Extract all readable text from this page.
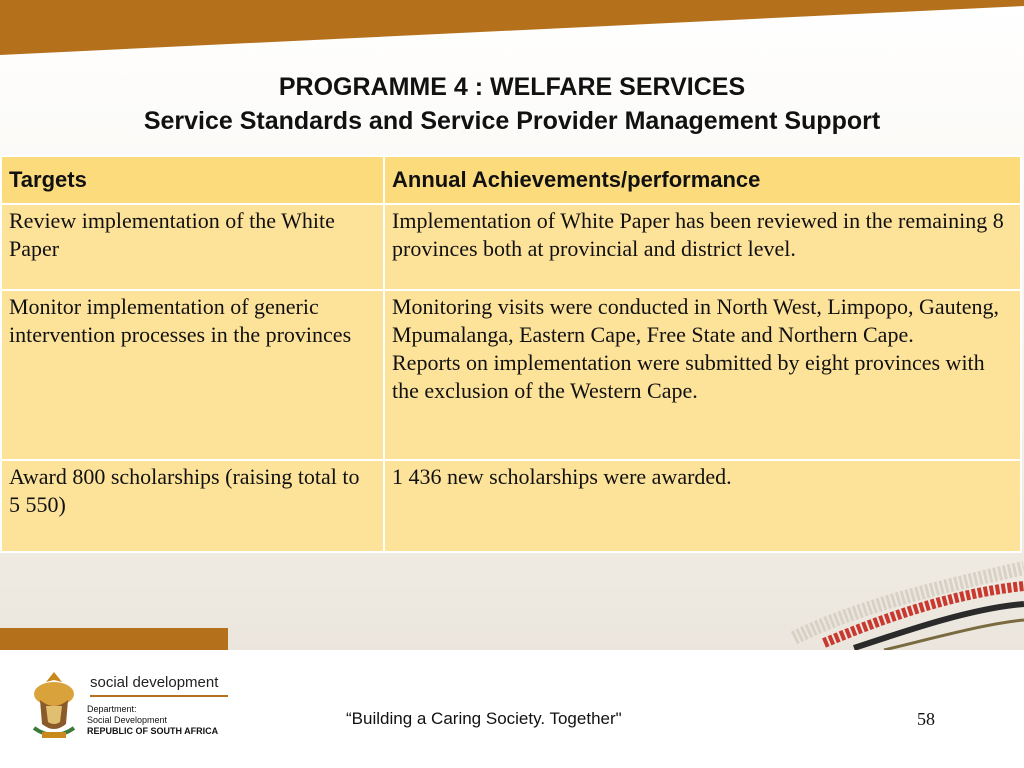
PROGRAMME 4 : WELFARE SERVICES
Service Standards and Service Provider Management Support
Targets	Annual Achievements/performance
Review implementation of the White Paper	Implementation of White Paper has been reviewed in the remaining 8 provinces both at provincial and district level.

Monitor implementation of generic intervention processes in the provinces	Monitoring visits were conducted in North West, Limpopo, Gauteng, Mpumalanga, Eastern Cape, Free State and Northern Cape.
Reports on implementation were submitted by eight provinces with the exclusion of the Western Cape.

Award 800 scholarships (raising total to 5 550)	1 436 new scholarships were awarded.
social development
Department:
Social Development
REPUBLIC OF SOUTH AFRICA
“Building a Caring Society. Together"	58
